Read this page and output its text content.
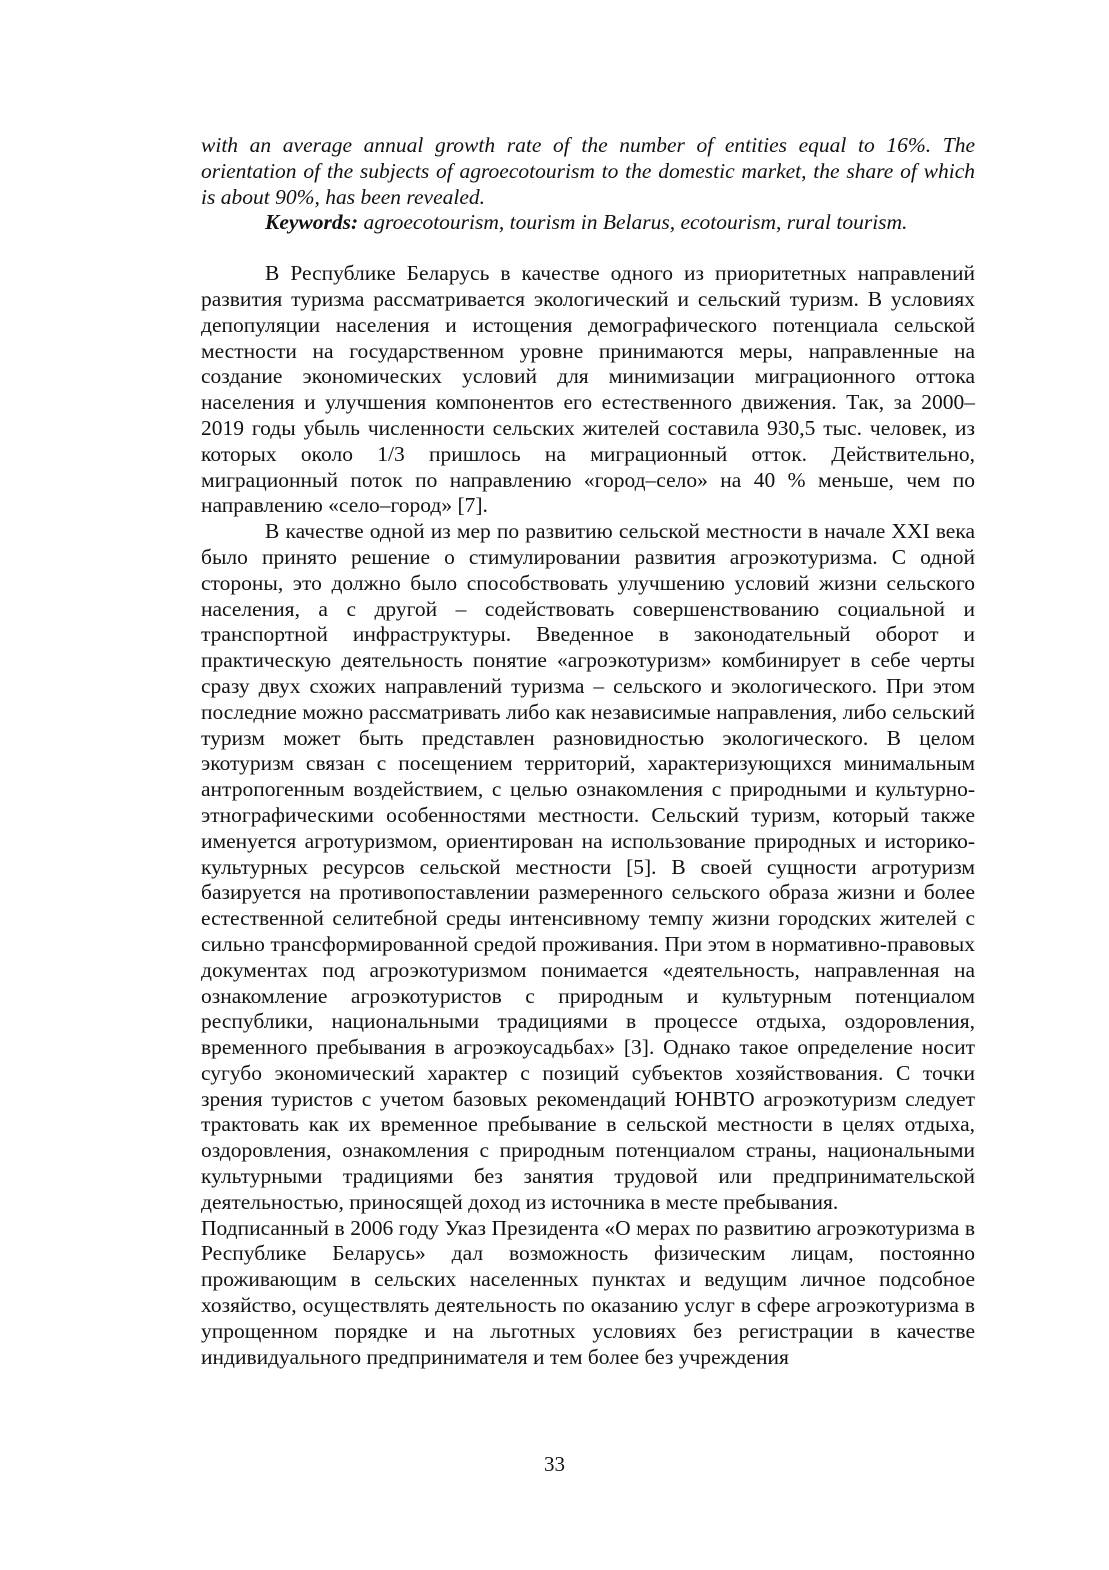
with an average annual growth rate of the number of entities equal to 16%. The orientation of the subjects of agroecotourism to the domestic market, the share of which is about 90%, has been revealed.

Keywords: agroecotourism, tourism in Belarus, ecotourism, rural tourism.

В Республике Беларусь в качестве одного из приоритетных направлений развития туризма рассматривается экологический и сельский туризм. В условиях депопуляции населения и истощения демографического потенциала сельской местности на государственном уровне принимаются меры, направленные на создание экономических условий для минимизации миграционного оттока населения и улучшения компонентов его естественного движения. Так, за 2000–2019 годы убыль численности сельских жителей составила 930,5 тыс. человек, из которых около 1/3 пришлось на миграционный отток. Действительно, миграционный поток по направлению «город–село» на 40 % меньше, чем по направлению «село–город» [7].

В качестве одной из мер по развитию сельской местности в начале XXI века было принято решение о стимулировании развития агроэкотуризма. С одной стороны, это должно было способствовать улучшению условий жизни сельского населения, а с другой – содействовать совершенствованию социальной и транспортной инфраструктуры. Введенное в законодательный оборот и практическую деятельность понятие «агроэкотуризм» комбинирует в себе черты сразу двух схожих направлений туризма – сельского и экологического. При этом последние можно рассматривать либо как независимые направления, либо сельский туризм может быть представлен разновидностью экологического. В целом экотуризм связан с посещением территорий, характеризующихся минимальным антропогенным воздействием, с целью ознакомления с природными и культурно-этнографическими особенностями местности. Сельский туризм, который также именуется агротуризмом, ориентирован на использование природных и историко-культурных ресурсов сельской местности [5]. В своей сущности агротуризм базируется на противопоставлении размеренного сельского образа жизни и более естественной селитебной среды интенсивному темпу жизни городских жителей с сильно трансформированной средой проживания. При этом в нормативно-правовых документах под агроэкотуризмом понимается «деятельность, направленная на ознакомление агроэкотуристов с природным и культурным потенциалом республики, национальными традициями в процессе отдыха, оздоровления, временного пребывания в агроэкоусадьбах» [3]. Однако такое определение носит сугубо экономический характер с позиций субъектов хозяйствования. С точки зрения туристов с учетом базовых рекомендаций ЮНВТО агроэкотуризм следует трактовать как их временное пребывание в сельской местности в целях отдыха, оздоровления, ознакомления с природным потенциалом страны, национальными культурными традициями без занятия трудовой или предпринимательской деятельностью, приносящей доход из источника в месте пребывания.

Подписанный в 2006 году Указ Президента «О мерах по развитию агроэкотуризма в Республике Беларусь» дал возможность физическим лицам, постоянно проживающим в сельских населенных пунктах и ведущим личное подсобное хозяйство, осуществлять деятельность по оказанию услуг в сфере агроэкотуризма в упрощенном порядке и на льготных условиях без регистрации в качестве индивидуального предпринимателя и тем более без учреждения

33
